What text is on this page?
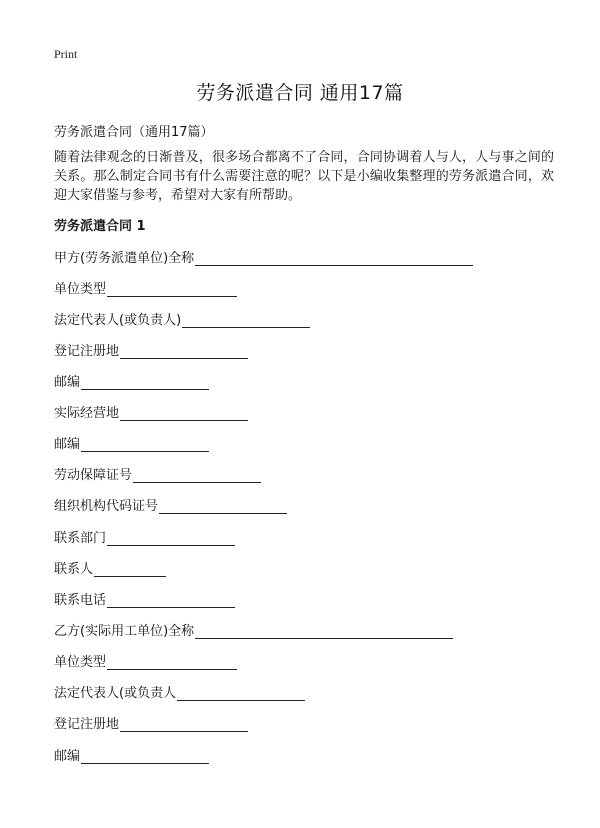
Print
劳务派遣合同 通用17篇
劳务派遣合同（通用17篇）

随着法律观念的日渐普及，很多场合都离不了合同，合同协调着人与人，人与事之间的关系。那么制定合同书有什么需要注意的呢？以下是小编收集整理的劳务派遣合同，欢迎大家借鉴与参考，希望对大家有所帮助。

劳务派遣合同 1
甲方(劳务派遣单位)全称
单位类型
法定代表人(或负责人)
登记注册地
邮编
实际经营地
邮编
劳动保障证号
组织机构代码证号
联系部门
联系人
联系电话
乙方(实际用工单位)全称
单位类型
法定代表人(或负责人
登记注册地
邮编
